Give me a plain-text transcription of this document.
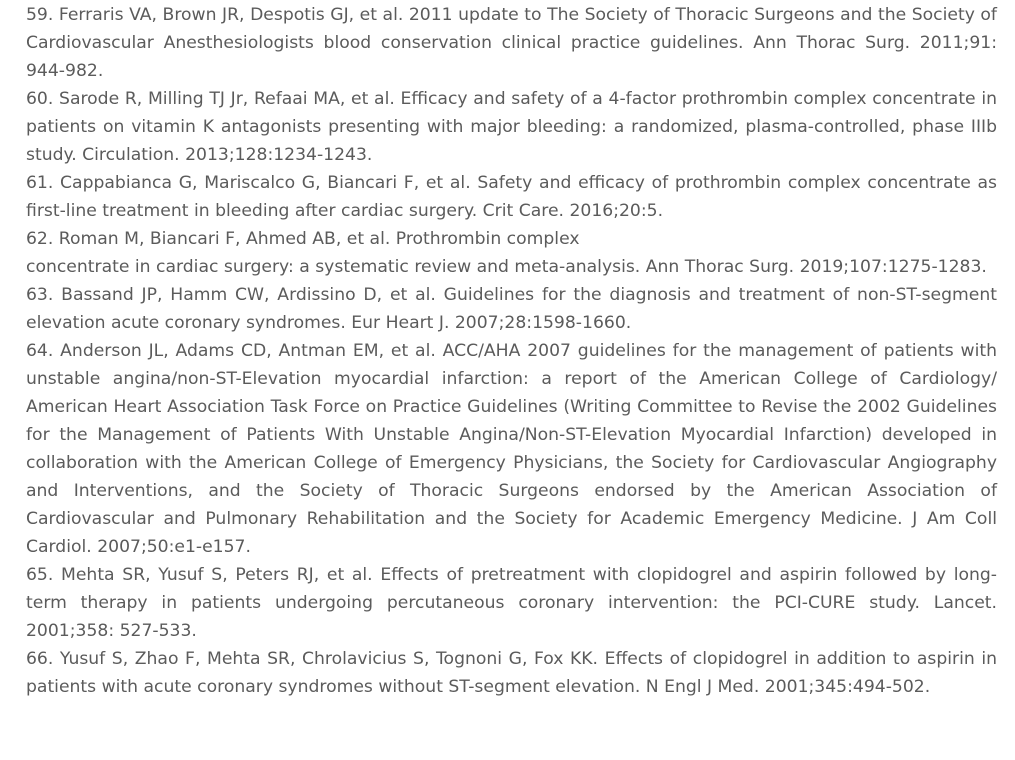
59. Ferraris VA, Brown JR, Despotis GJ, et al. 2011 update to The Society of Thoracic Surgeons and the Society of Cardiovascular Anesthesiologists blood conservation clinical practice guidelines. Ann Thorac Surg. 2011;91: 944-982.

60. Sarode R, Milling TJ Jr, Refaai MA, et al. Efficacy and safety of a 4-factor prothrombin complex concentrate in patients on vitamin K antagonists presenting with major bleeding: a randomized, plasma-controlled, phase IIIb study. Circulation. 2013;128:1234-1243.

61. Cappabianca G, Mariscalco G, Biancari F, et al. Safety and efficacy of prothrombin complex concentrate as first-line treatment in bleeding after cardiac surgery. Crit Care. 2016;20:5.

62. Roman M, Biancari F, Ahmed AB, et al. Prothrombin complex

concentrate in cardiac surgery: a systematic review and meta-analysis. Ann Thorac Surg. 2019;107:1275-1283.

63. Bassand JP, Hamm CW, Ardissino D, et al. Guidelines for the diagnosis and treatment of non-ST-segment elevation acute coronary syndromes. Eur Heart J. 2007;28:1598-1660.

64. Anderson JL, Adams CD, Antman EM, et al. ACC/AHA 2007 guidelines for the management of patients with unstable angina/non-ST-Elevation myocardial infarction: a report of the American College of Cardiology/ American Heart Association Task Force on Practice Guidelines (Writing Committee to Revise the 2002 Guidelines for the Management of Patients With Unstable Angina/Non-ST-Elevation Myocardial Infarction) developed in collaboration with the American College of Emergency Physicians, the Society for Cardiovascular Angiography and Interventions, and the Society of Thoracic Surgeons endorsed by the American Association of Cardiovascular and Pulmonary Rehabilitation and the Society for Academic Emergency Medicine. J Am Coll Cardiol. 2007;50:e1-e157.

65. Mehta SR, Yusuf S, Peters RJ, et al. Effects of pretreatment with clopidogrel and aspirin followed by long-term therapy in patients undergoing percutaneous coronary intervention: the PCI-CURE study. Lancet. 2001;358: 527-533.

66. Yusuf S, Zhao F, Mehta SR, Chrolavicius S, Tognoni G, Fox KK. Effects of clopidogrel in addition to aspirin in patients with acute coronary syndromes without ST-segment elevation. N Engl J Med. 2001;345:494-502.
